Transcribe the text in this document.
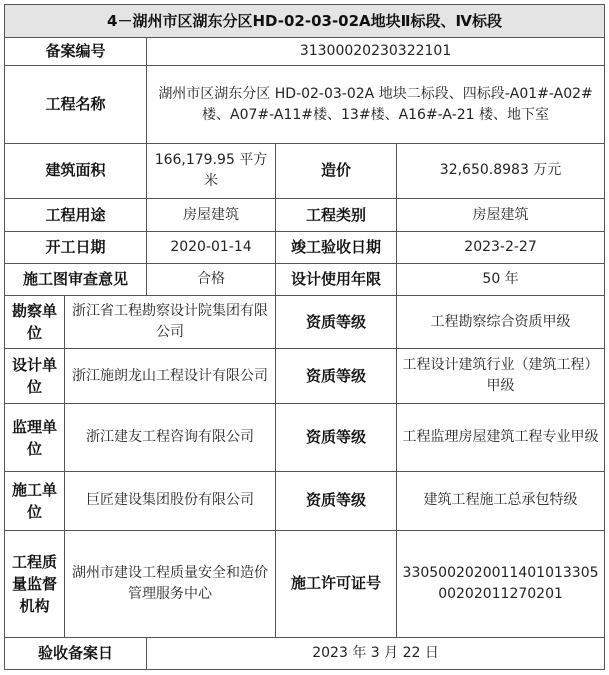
4－湖州市区湖东分区HD-02-03-02A地块Ⅱ标段、Ⅳ标段				
备案编号		31300020230322101		
工程名称		湖州市区湖东分区 HD-02-03-02A 地块二标段、四标段-A01#-A02#楼、A07#-A11#楼、13#楼、A16#-A-21 楼、地下室		
建筑面积		166,179.95 平方米	造价	32,650.8983 万元
工程用途		房屋建筑	工程类别	房屋建筑
开工日期		2020-01-14	竣工验收日期	2023-2-27
施工图审查意见		合格	设计使用年限	50 年
勘察单位	浙江省工程勘察设计院集团有限公司		资质等级	工程勘察综合资质甲级
设计单位	浙江施朗龙山工程设计有限公司		资质等级	工程设计建筑行业（建筑工程）甲级
监理单位	浙江建友工程咨询有限公司		资质等级	工程监理房屋建筑工程专业甲级
施工单位	巨匠建设集团股份有限公司		资质等级	建筑工程施工总承包特级
工程质量监督机构	湖州市建设工程质量安全和造价管理服务中心		施工许可证号	330500202001140101330500202011270201
验收备案日		2023 年 3 月 22 日		
